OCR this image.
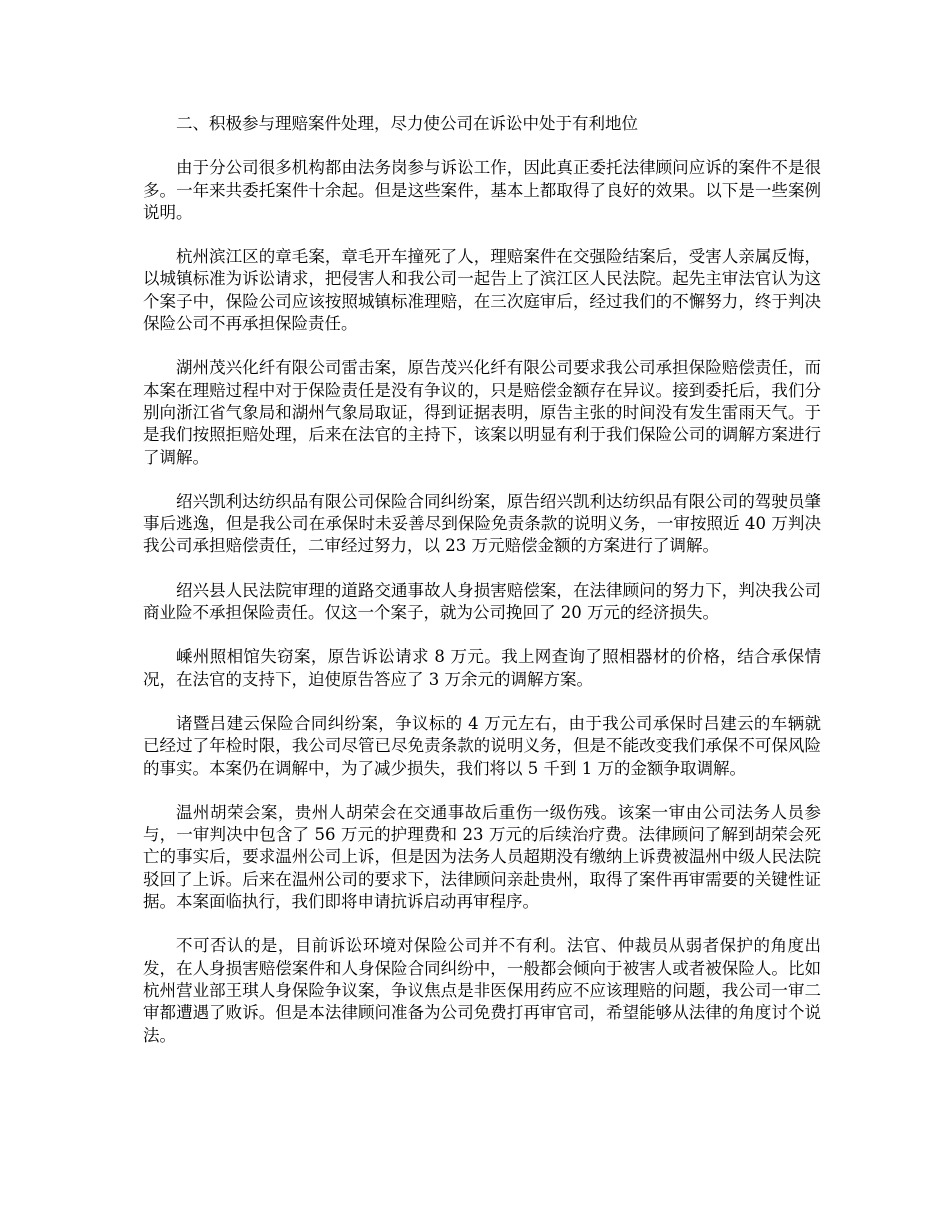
二、积极参与理赔案件处理，尽力使公司在诉讼中处于有利地位

由于分公司很多机构都由法务岗参与诉讼工作，因此真正委托法律顾问应诉的案件不是很多。一年来共委托案件十余起。但是这些案件，基本上都取得了良好的效果。以下是一些案例说明。

杭州滨江区的章毛案，章毛开车撞死了人，理赔案件在交强险结案后，受害人亲属反悔，以城镇标准为诉讼请求，把侵害人和我公司一起告上了滨江区人民法院。起先主审法官认为这个案子中，保险公司应该按照城镇标准理赔，在三次庭审后，经过我们的不懈努力，终于判决保险公司不再承担保险责任。

湖州茂兴化纤有限公司雷击案，原告茂兴化纤有限公司要求我公司承担保险赔偿责任，而本案在理赔过程中对于保险责任是没有争议的，只是赔偿金额存在异议。接到委托后，我们分别向浙江省气象局和湖州气象局取证，得到证据表明，原告主张的时间没有发生雷雨天气。于是我们按照拒赔处理，后来在法官的主持下，该案以明显有利于我们保险公司的调解方案进行了调解。

绍兴凯利达纺织品有限公司保险合同纠纷案，原告绍兴凯利达纺织品有限公司的驾驶员肇事后逃逸，但是我公司在承保时未妥善尽到保险免责条款的说明义务，一审按照近 40 万判决我公司承担赔偿责任，二审经过努力，以 23 万元赔偿金额的方案进行了调解。

绍兴县人民法院审理的道路交通事故人身损害赔偿案，在法律顾问的努力下，判决我公司商业险不承担保险责任。仅这一个案子，就为公司挽回了 20 万元的经济损失。

嵊州照相馆失窃案，原告诉讼请求 8 万元。我上网查询了照相器材的价格，结合承保情况，在法官的支持下，迫使原告答应了 3 万余元的调解方案。

诸暨吕建云保险合同纠纷案，争议标的 4 万元左右，由于我公司承保时吕建云的车辆就已经过了年检时限，我公司尽管已尽免责条款的说明义务，但是不能改变我们承保不可保风险的事实。本案仍在调解中，为了减少损失，我们将以 5 千到 1 万的金额争取调解。

温州胡荣会案，贵州人胡荣会在交通事故后重伤一级伤残。该案一审由公司法务人员参与，一审判决中包含了 56 万元的护理费和 23 万元的后续治疗费。法律顾问了解到胡荣会死亡的事实后，要求温州公司上诉，但是因为法务人员超期没有缴纳上诉费被温州中级人民法院驳回了上诉。后来在温州公司的要求下，法律顾问亲赴贵州，取得了案件再审需要的关键性证据。本案面临执行，我们即将申请抗诉启动再审程序。

不可否认的是，目前诉讼环境对保险公司并不有利。法官、仲裁员从弱者保护的角度出发，在人身损害赔偿案件和人身保险合同纠纷中，一般都会倾向于被害人或者被保险人。比如杭州营业部王琪人身保险争议案，争议焦点是非医保用药应不应该理赔的问题，我公司一审二审都遭遇了败诉。但是本法律顾问准备为公司免费打再审官司，希望能够从法律的角度讨个说法。
